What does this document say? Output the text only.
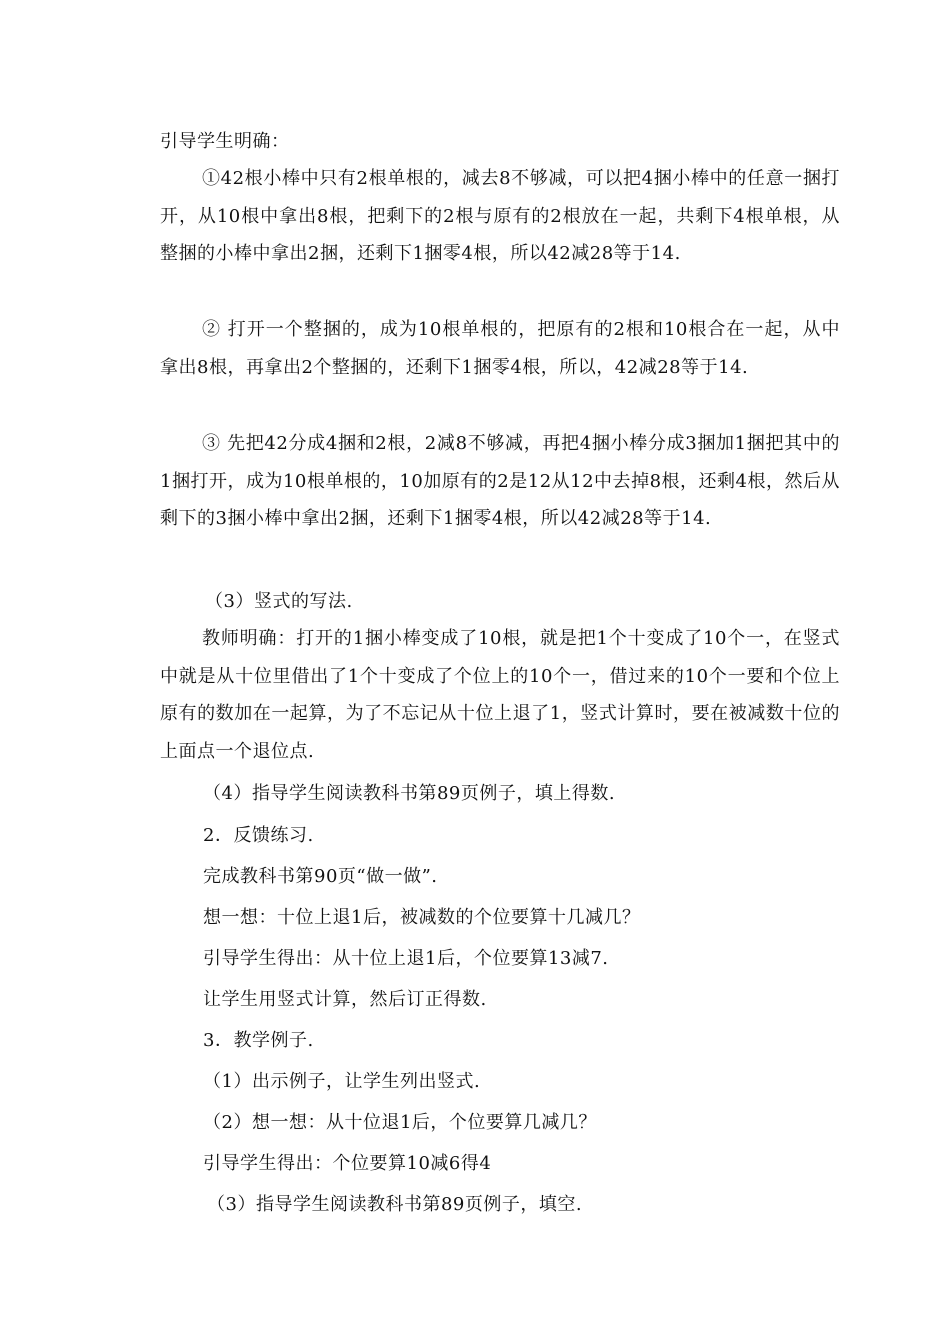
引导学生明确：

①42根小棒中只有2根单根的，减去8不够减，可以把4捆小棒中的任意一捆打开，从10根中拿出8根，把剩下的2根与原有的2根放在一起，共剩下4根单根，从整捆的小棒中拿出2捆，还剩下1捆零4根，所以42减28等于14.

② 打开一个整捆的，成为10根单根的，把原有的2根和10根合在一起，从中拿出8根，再拿出2个整捆的，还剩下1捆零4根，所以，42减28等于14.

③ 先把42分成4捆和2根，2减8不够减，再把4捆小棒分成3捆加1捆把其中的1捆打开，成为10根单根的，10加原有的2是12从12中去掉8根，还剩4根，然后从剩下的3捆小棒中拿出2捆，还剩下1捆零4根，所以42减28等于14.

（3）竖式的写法.

教师明确：打开的1捆小棒变成了10根，就是把1个十变成了10个一，在竖式中就是从十位里借出了1个十变成了个位上的10个一，借过来的10个一要和个位上原有的数加在一起算，为了不忘记从十位上退了1，竖式计算时，要在被减数十位的上面点一个退位点.

（4）指导学生阅读教科书第89页例子，填上得数.

2．反馈练习.

完成教科书第90页“做一做”.

想一想：十位上退1后，被减数的个位要算十几减几？

引导学生得出：从十位上退1后，个位要算13减7.

让学生用竖式计算，然后订正得数.

3．教学例子.

（1）出示例子，让学生列出竖式.

（2）想一想：从十位退1后，个位要算几减几？

引导学生得出：个位要算10减6得4

（3）指导学生阅读教科书第89页例子，填空.
